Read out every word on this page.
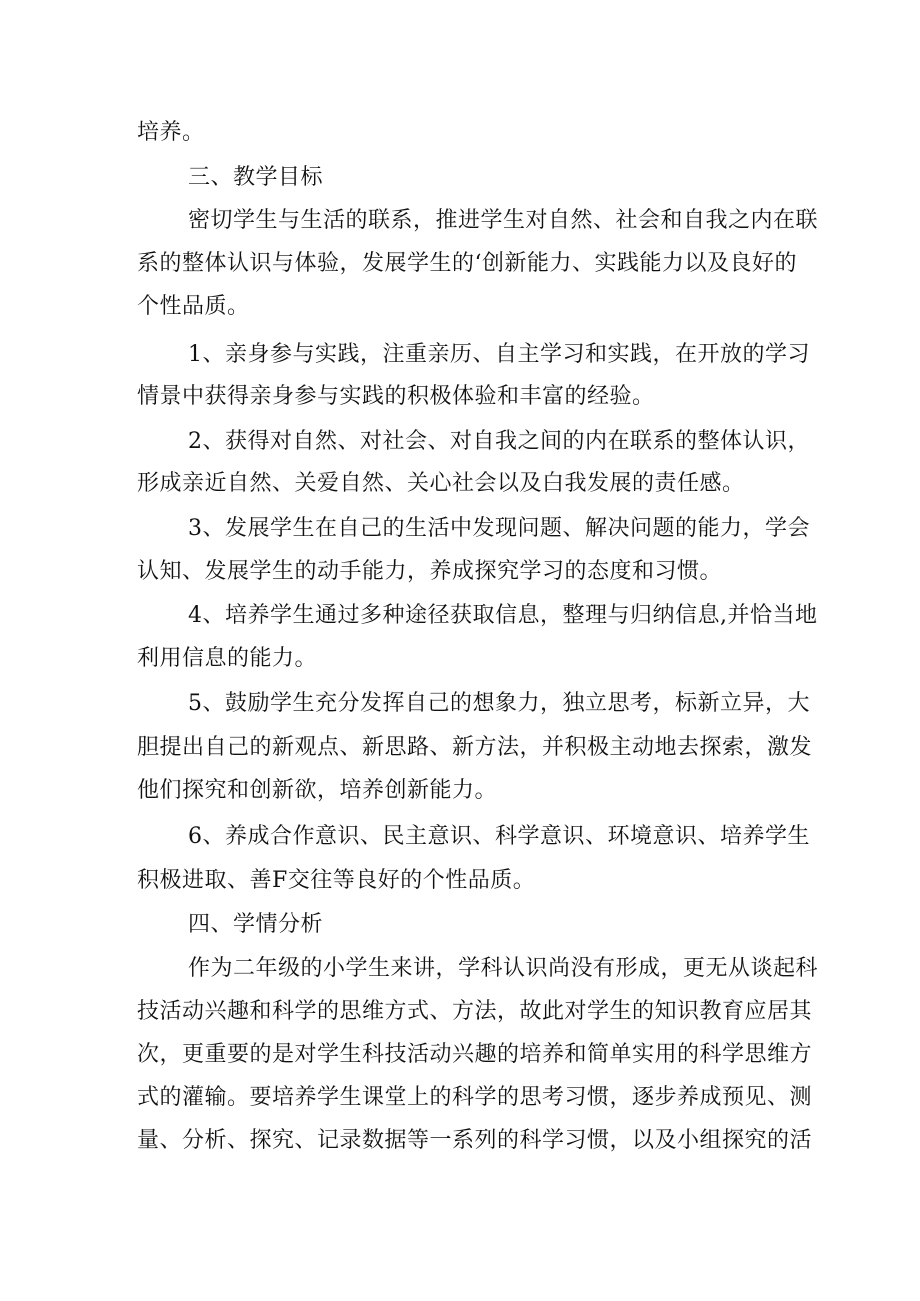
培养。
三、教学目标
密切学生与生活的联系，推进学生对自然、社会和自我之内在联
系的整体认识与体验，发展学生的‘创新能力、实践能力以及良好的
个性品质。
1、亲身参与实践，注重亲历、自主学习和实践，在开放的学习
情景中获得亲身参与实践的积极体验和丰富的经验。
2、获得对自然、对社会、对自我之间的内在联系的整体认识，
形成亲近自然、关爱自然、关心社会以及白我发展的责任感。
3、发展学生在自己的生活中发现问题、解决问题的能力，学会
认知、发展学生的动手能力，养成探究学习的态度和习惯。
4、培养学生通过多种途径获取信息，整理与归纳信息,并恰当地
利用信息的能力。
5、鼓励学生充分发挥自己的想象力，独立思考，标新立异，大
胆提出自己的新观点、新思路、新方法，并积极主动地去探索，激发
他们探究和创新欲，培养创新能力。
6、养成合作意识、民主意识、科学意识、环境意识、培养学生
积极进取、善F交往等良好的个性品质。
四、学情分析
作为二年级的小学生来讲，学科认识尚没有形成，更无从谈起科
技活动兴趣和科学的思维方式、方法，故此对学生的知识教育应居其
次，更重要的是对学生科技活动兴趣的培养和简单实用的科学思维方
式的灌输。要培养学生课堂上的科学的思考习惯，逐步养成预见、测
量、分析、探究、记录数据等一系列的科学习惯，以及小组探究的活
